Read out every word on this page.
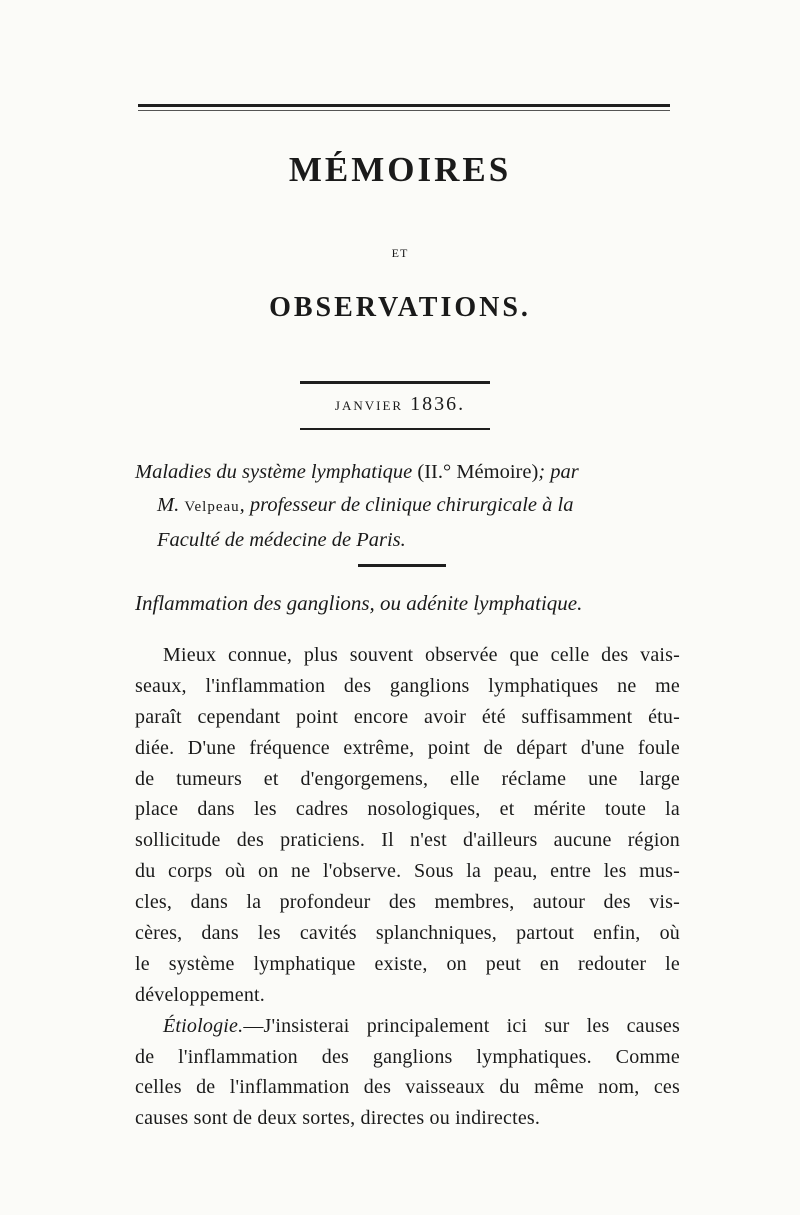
MÉMOIRES
ET
OBSERVATIONS.
JANVIER 1836.
Maladies du système lymphatique (II.° Mémoire); par
M. Velpeau, professeur de clinique chirurgicale à la
Faculté de médecine de Paris.
Inflammation des ganglions, ou adénite lymphatique.
Mieux connue, plus souvent observée que celle des vais-
seaux, l'inflammation des ganglions lymphatiques ne me
paraît cependant point encore avoir été suffisamment étu-
diée. D'une fréquence extrême, point de départ d'une foule
de tumeurs et d'engorgemens, elle réclame une large
place dans les cadres nosologiques, et mérite toute la
sollicitude des praticiens. Il n'est d'ailleurs aucune région
du corps où on ne l'observe. Sous la peau, entre les mus-
cles, dans la profondeur des membres, autour des vis-
cères, dans les cavités splanchniques, partout enfin, où
le système lymphatique existe, on peut en redouter le
développement.
Étiologie.—J'insisterai principalement ici sur les causes
de l'inflammation des ganglions lymphatiques. Comme
celles de l'inflammation des vaisseaux du même nom, ces
causes sont de deux sortes, directes ou indirectes.
